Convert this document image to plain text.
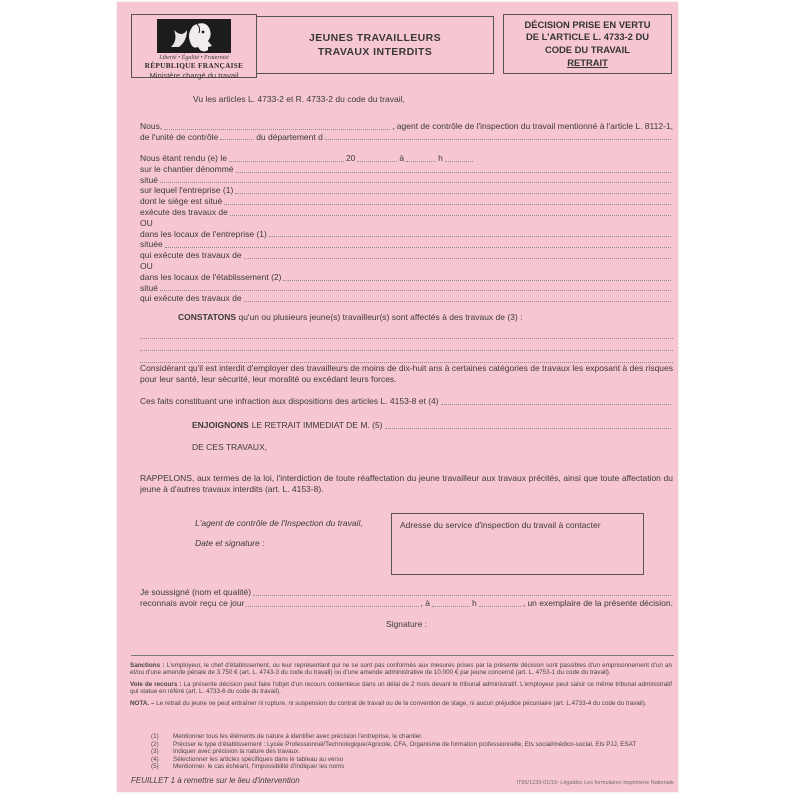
Liberté • Égalité • Fraternité
RÉPUBLIQUE FRANÇAISE
Ministère chargé du travail
JEUNES TRAVAILLEURS
TRAVAUX INTERDITS
DÉCISION PRISE EN VERTU
DE L'ARTICLE L. 4733-2 DU
CODE DU TRAVAIL
RETRAIT
Vu les articles L. 4733-2 et R. 4733-2 du code du travail,
Nous,	, agent de contrôle de l'inspection du travail mentionné à l'article L. 8112-1,
de l'unité de contrôle	du département d
Nous étant rendu (e) le	20	à	h
sur le chantier dénommé
situé
sur lequel l'entreprise (1)
dont le siège est situé
exécute des travaux de
OU
dans les locaux de l'entreprise (1)
située
qui exécute des travaux de
OU
dans les locaux de l'établissement (2)
situé
qui exécute des travaux de
CONSTATONS qu'un ou plusieurs jeune(s) travailleur(s) sont affectés à des travaux de (3) :
Considérant qu'il est interdit d'employer des travailleurs de moins de dix-huit ans à certaines catégories de travaux les exposant à des risques pour leur santé, leur sécurité, leur moralité ou excédant leurs forces.
Ces faits constituant une infraction aux dispositions des articles L. 4153-8 et (4)
ENJOIGNONS LE RETRAIT IMMEDIAT DE M. (5)
DE CES TRAVAUX,
RAPPELONS, aux termes de la loi, l'interdiction de toute réaffectation du jeune travailleur aux travaux précités, ainsi que toute affectation du jeune à d'autres travaux interdits (art. L. 4153-8).
L'agent de contrôle de l'Inspection du travail,
Date et signature :
Adresse du service d'inspection du travail à contacter
Je soussigné (nom et qualité)
reconnais avoir reçu ce jour	, à	h	, un exemplaire de la présente décision.
Signature :

Sanctions : L'employeur, le chef d'établissement, ou leur représentant qui ne se sont pas conformés aux mesures prises par la présente décision sont passibles d'un emprisonnement d'un an et/ou d'une amende pénale de 3.750 € (art. L. 4743-3 du code du travail) ou d'une amende administrative de 10.000 € par jeune concerné (art. L. 4753-1 du code du travail).

Voie de recours : La présente décision peut faire l'objet d'un recours contentieux dans un délai de 2 mois devant le tribunal administratif. L'employeur peut saisir ce même tribunal administratif qui statue en référé (art. L. 4733-6 du code du travail).

NOTA. – Le retrait du jeune ne peut entraîner ni rupture, ni suspension du contrat de travail ou de la convention de stage, ni aucun préjudice pécuniaire (art. L.4733-4 du code du travail).

(1)	Mentionner tous les éléments de nature à identifier avec précision l'entreprise, le chantier.
(2)	Préciser le type d'établissement : Lycée Professionnel/Technologique/Agricole, CFA, Organisme de formation professionnelle, Ets social/médico-social, Ets PJJ, ESAT
(3)	Indiquer avec précision la nature des travaux.
(4)	Sélectionner les articles spécifiques dans le tableau au verso
(5)	Mentionner, le cas échéant, l'impossibilité d'indiquer les noms
FEUILLET 1 à remettre sur le lieu d'intervention	IT95/1233-01/19- Légaldoc Les formulaires Imprimerie Nationale
